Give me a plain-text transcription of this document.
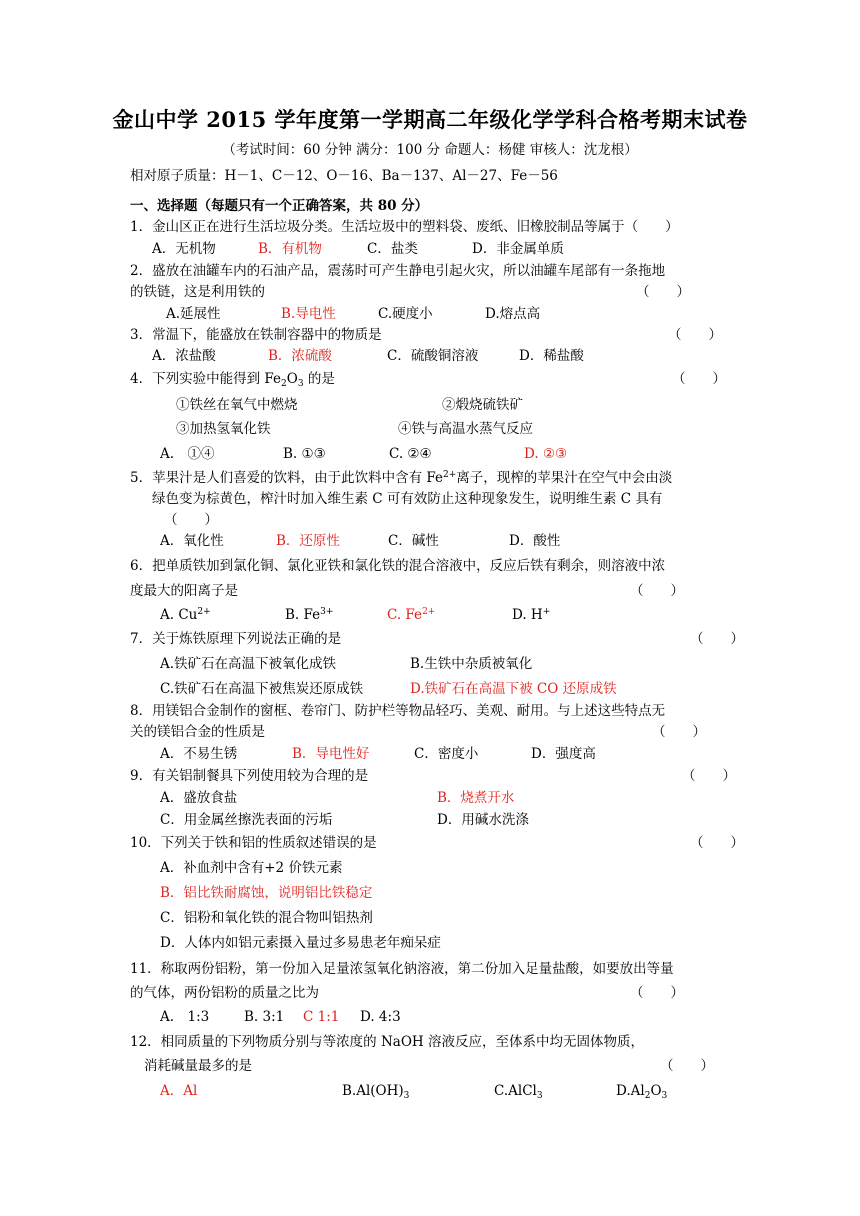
金山中学 2015 学年度第一学期高二年级化学学科合格考期末试卷
（考试时间：60 分钟 满分：100 分 命题人：杨健 审核人：沈龙根）
相对原子质量：H－1、C－12、O－16、Ba－137、Al－27、Fe－56
一、选择题（每题只有一个正确答案，共 80 分）
1．金山区正在进行生活垃圾分类。生活垃圾中的塑料袋、废纸、旧橡胶制品等属于（　　）
A．无机物	B．有机物	C．盐类	D．非金属单质
2．盛放在油罐车内的石油产品，震荡时可产生静电引起火灾，所以油罐车尾部有一条拖地
的铁链，这是利用铁的	（　　）
A.延展性	B.导电性	C.硬度小	D.熔点高
3．常温下，能盛放在铁制容器中的物质是	（　　）
A．浓盐酸	B．浓硫酸	C．硫酸铜溶液	D．稀盐酸
4．下列实验中能得到 $Fe_2O_3$ 的是	（　　）
①铁丝在氧气中燃烧	②煅烧硫铁矿
③加热氢氧化铁	④铁与高温水蒸气反应
A.　①④	B. ①③	C. ②④	D. ②③
5．苹果汁是人们喜爱的饮料，由于此饮料中含有 $Fe^{2+}$离子，现榨的苹果汁在空气中会由淡
绿色变为棕黄色，榨汁时加入维生素 C 可有效防止这种现象发生，说明维生素 C 具有
（　　）
A．氧化性	B．还原性	C．碱性	D．酸性
6．把单质铁加到氯化铜、氯化亚铁和氯化铁的混合溶液中，反应后铁有剩余，则溶液中浓
度最大的阳离子是	（　　）
A. $Cu^{2+}$	B. $Fe^{3+}$	C. $Fe^{2+}$	D. H+
7．关于炼铁原理下列说法正确的是	（　　）
A.铁矿石在高温下被氧化成铁	B.生铁中杂质被氧化
C.铁矿石在高温下被焦炭还原成铁	D.铁矿石在高温下被 CO 还原成铁
8．用镁铝合金制作的窗框、卷帘门、防护栏等物品轻巧、美观、耐用。与上述这些特点无
关的镁铝合金的性质是	（　　）
A．不易生锈	B．导电性好	C．密度小	D．强度高
9．有关铝制餐具下列使用较为合理的是	（　　）
A．盛放食盐	B．烧煮开水
C．用金属丝擦洗表面的污垢	D．用碱水洗涤
10．下列关于铁和铝的性质叙述错误的是	（　　）
A．补血剂中含有+2 价铁元素
B．铝比铁耐腐蚀，说明铝比铁稳定
C．铝粉和氧化铁的混合物叫铝热剂
D．人体内如铝元素摄入量过多易患老年痴呆症
11．称取两份铝粉，第一份加入足量浓氢氧化钠溶液，第二份加入足量盐酸，如要放出等量
的气体，两份铝粉的质量之比为	（　　）
A.　1:3	B. 3:1 C 1:1 D. 4:3
12．相同质量的下列物质分别与等浓度的 NaOH 溶液反应，至体系中均无固体物质，
消耗碱量最多的是	（　　）
A．Al	$B.Al(OH)_3$	C.AlCl$_3$	$D.Al_2O_3$
